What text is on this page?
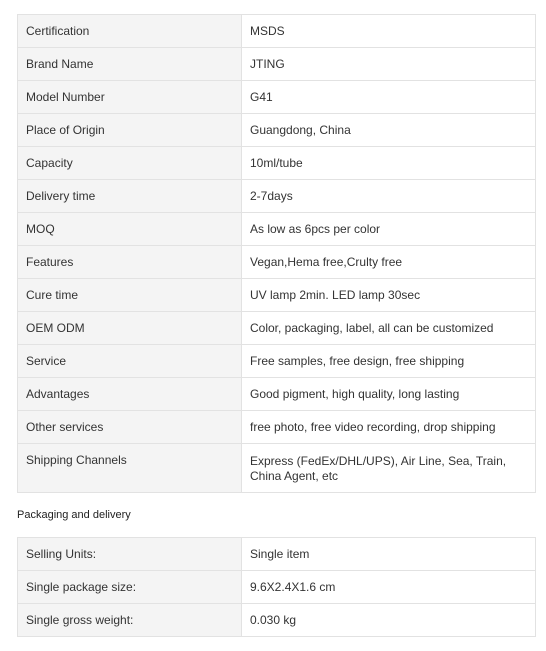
Certification	MSDS
Brand Name	JTING
Model Number	G41
Place of Origin	Guangdong, China
Capacity	10ml/tube
Delivery time	2-7days
MOQ	As low as 6pcs per color
Features	Vegan,Hema free,Crulty free
Cure time	UV lamp 2min. LED lamp 30sec
OEM ODM	Color, packaging, label, all can be customized
Service	Free samples, free design, free shipping
Advantages	Good pigment, high quality, long lasting
Other services	free photo, free video recording, drop shipping
Shipping Channels	Express (FedEx/DHL/UPS), Air Line, Sea, Train, China Agent, etc
Packaging and delivery
Selling Units:	Single item
Single package size:	9.6X2.4X1.6 cm
Single gross weight:	0.030 kg
